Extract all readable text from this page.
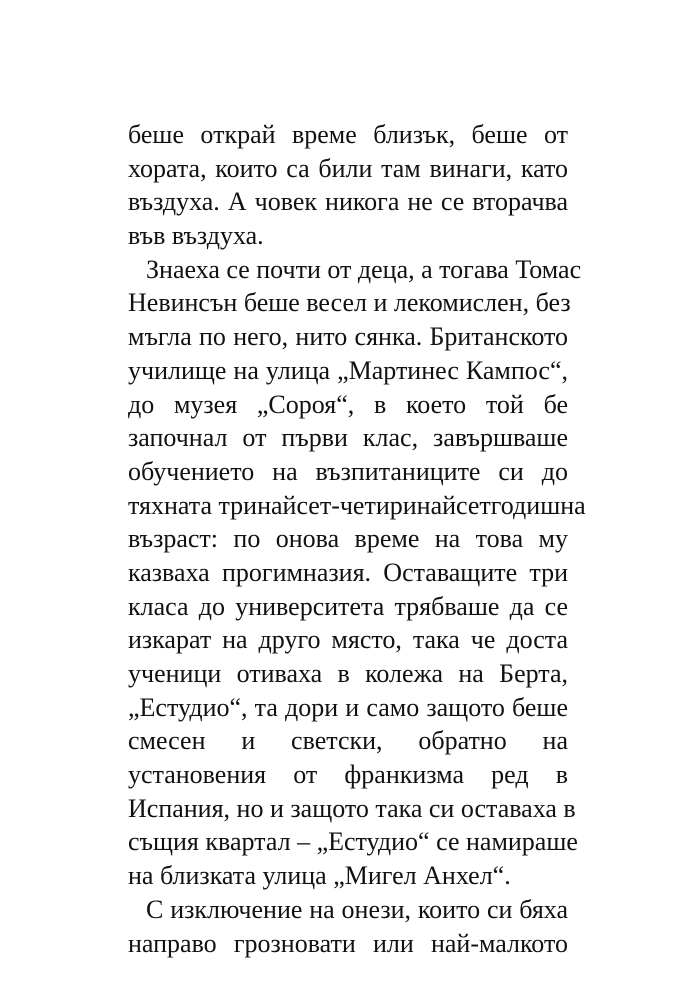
беше открай време близък, беше от
хората, които са били там винаги, като
въздуха. А човек никога не се вторачва
във въздуха.
Знаеха се почти от деца, а тогава Томас
Невинсън беше весел и лекомислен, без
мъгла по него, нито сянка. Британското
училище на улица „Мартинес Кампос“,
до музея „Сороя“, в което той бе
започнал от първи клас, завършваше
обучението на възпитаниците си до
тяхната тринайсет-четиринайсетгодишна
възраст: по онова време на това му
казваха прогимназия. Оставащите три
класа до университета трябваше да се
изкарат на друго място, така че доста
ученици отиваха в колежа на Берта,
„Естудио“, та дори и само защото беше
смесен и светски, обратно на
установения от франкизма ред в
Испания, но и защото така си оставаха в
същия квартал – „Естудио“ се намираше
на близката улица „Мигел Анхел“.
С изключение на онези, които си бяха
направо грозновати или най-малкото
